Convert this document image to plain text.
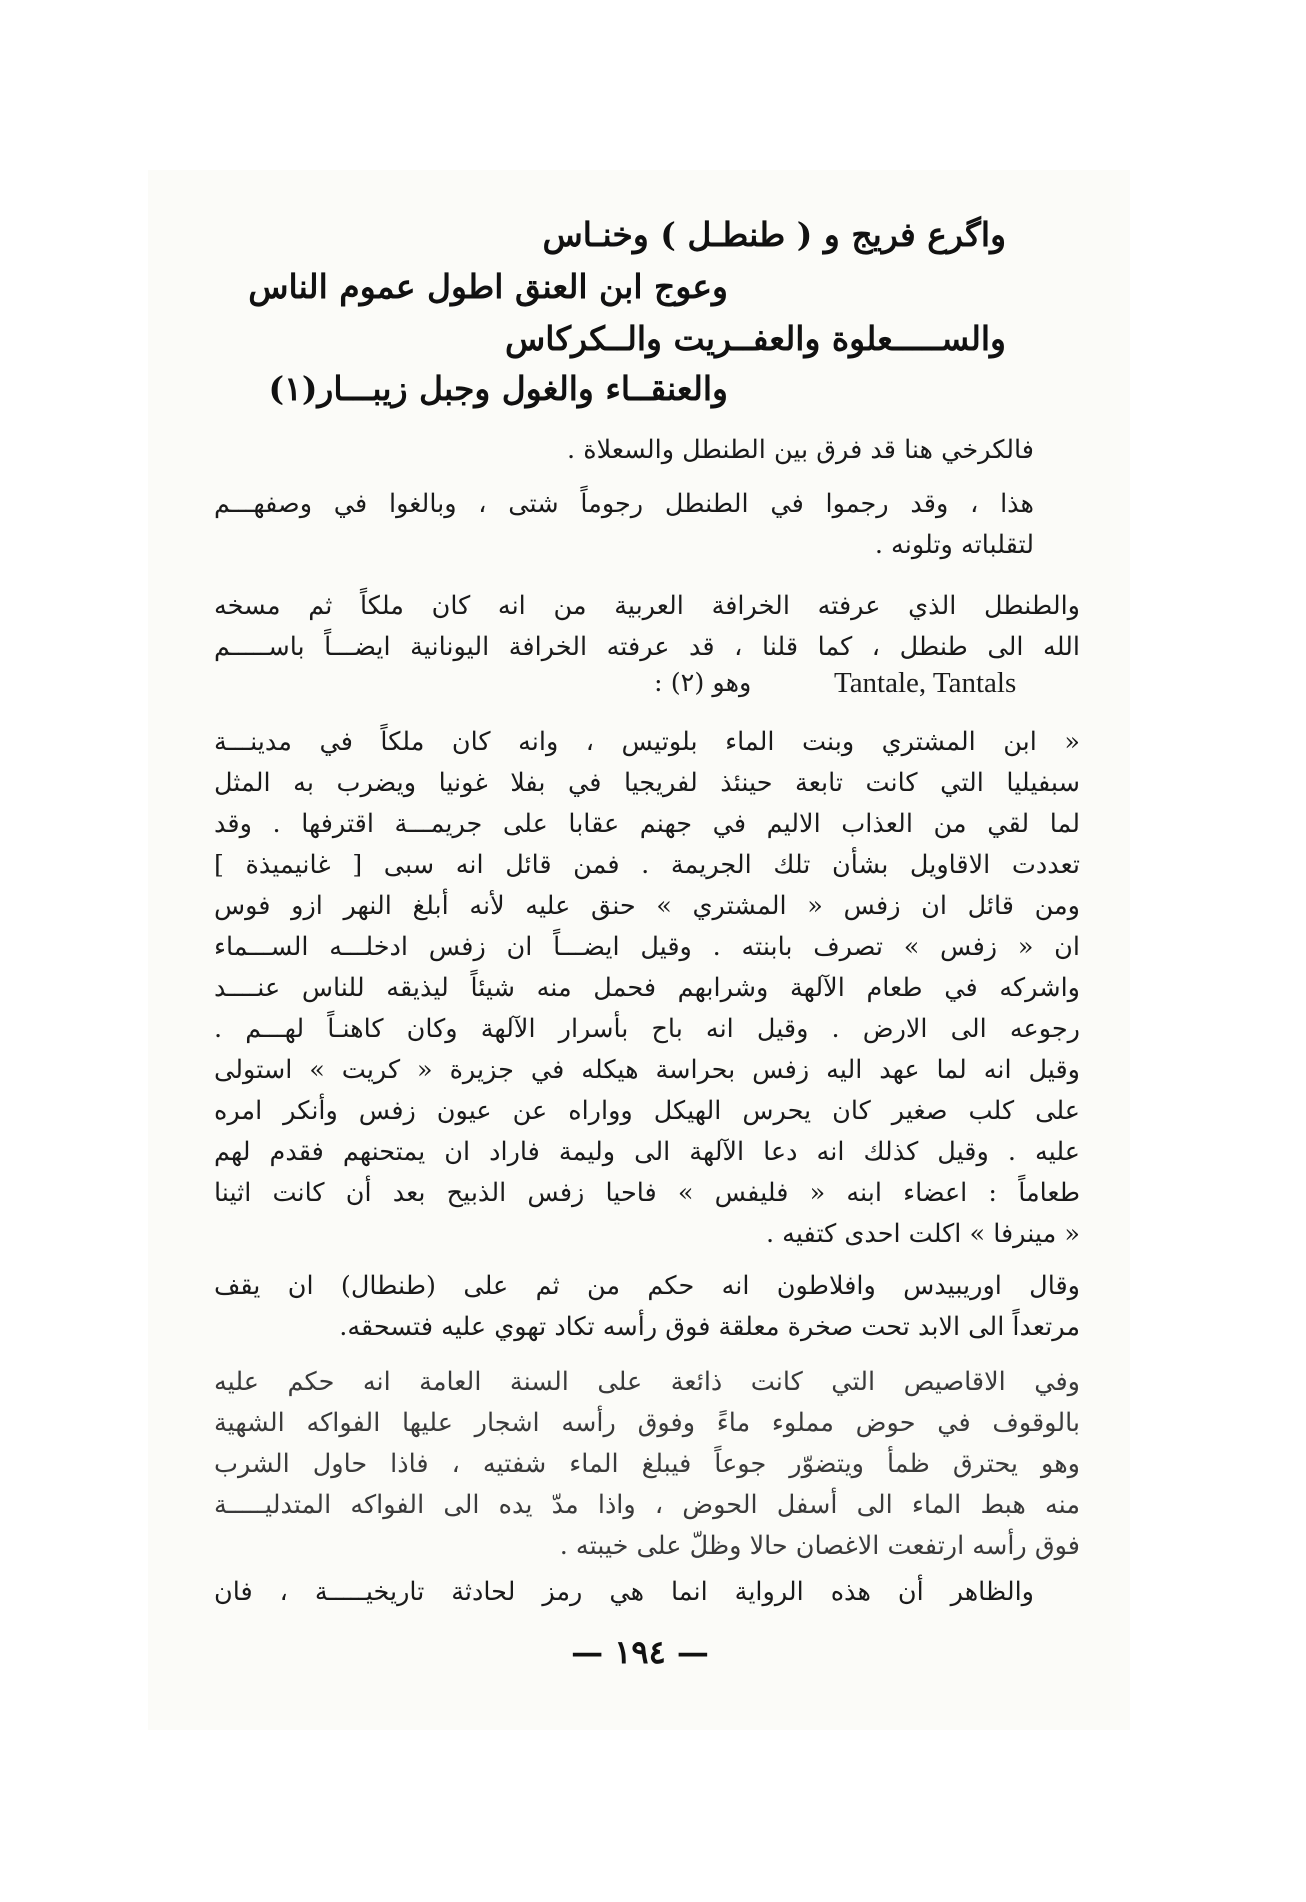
واگرع فريج و ( طنطـل ) وخنـاس
وعوج ابن العنق اطول عموم الناس
والســـــعلوة والعفــريت والــكركاس
والعنقــاء والغول وجبل زيبـــار(١)
فالكرخي هنا قد فرق بين الطنطل والسعلاة .
هذا ، وقد رجموا في الطنطل رجوماً شتى ، وبالغوا في وصفهـــم
لتقلباته وتلونه .
والطنطل الذي عرفته الخرافة العربية من انه كان ملكاً ثم مسخه
الله الى طنطل ، كما قلنا ، قد عرفته الخرافة اليونانية ايضـــاً باســـــم
Tantale, Tantals
وهو (٢) :
« ابن المشتري وبنت الماء بلوتيس ، وانه كان ملكاً في مدينـــة
سبفيليا التي كانت تابعة حينئذ لفريجيا في بفلا غونيا ويضرب به المثل
لما لقي من العذاب الاليم في جهنم عقابا على جريمـــة اقترفها . وقد
تعددت الاقاويل بشأن تلك الجريمة . فمن قائل انه سبى [ غانيميذة ]
ومن قائل ان زفس « المشتري » حنق عليه لأنه أبلغ النهر ازو فوس
ان « زفس » تصرف بابنته . وقيل ايضـــاً ان زفس ادخلـــه الســـماء
واشركه في طعام الآلهة وشرابهم فحمل منه شيئاً ليذيقه للناس عنــــد
رجوعه الى الارض . وقيل انه باح بأسرار الآلهة وكان كاهنـاً لهـــم .
وقيل انه لما عهد اليه زفس بحراسة هيكله في جزيرة « كريت » استولى
على كلب صغير كان يحرس الهيكل وواراه عن عيون زفس وأنكر امره
عليه . وقيل كذلك انه دعا الآلهة الى وليمة فاراد ان يمتحنهم فقدم لهم
طعاماً : اعضاء ابنه « فليفس » فاحيا زفس الذبيح بعد أن كانت اثينا
« مينرفا » اكلت احدى كتفيه .
وقال اوريبيدس وافلاطون انه حكم من ثم على (طنطال) ان يقف
مرتعداً الى الابد تحت صخرة معلقة فوق رأسه تكاد تهوي عليه فتسحقه.
وفي الاقاصيص التي كانت ذائعة على السنة العامة انه حكم عليه
بالوقوف في حوض مملوء ماءً وفوق رأسه اشجار عليها الفواكه الشهية
وهو يحترق ظمأ ويتضوّر جوعاً فيبلغ الماء شفتيه ، فاذا حاول الشرب
منه هبط الماء الى أسفل الحوض ، واذا مدّ يده الى الفواكه المتدليـــــة
فوق رأسه ارتفعت الاغصان حالا وظلّ على خيبته .
والظاهر أن هذه الرواية انما هي رمز لحادثة تاريخيـــــة ، فان
— ١٩٤ —
